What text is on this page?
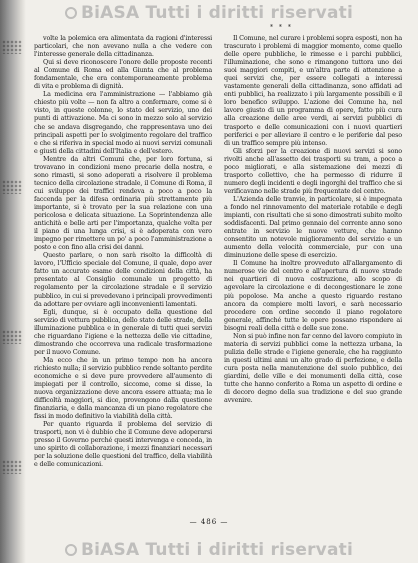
BiASA Tutti i diritti riservati
* * *

volte la polemica era alimentata da ragioni d'interessi particolari, che non avevano nulla a che vedere con l'interesse generale della cittadinanza.

Qui si deve riconoscere l'onore delle proposte recenti al Comune di Roma ed alla Giunta che al problema fondamentale, che era contemporaneamente problema di vita e problema di dignità.

La medicina era l'amministrazione — l'abbiamo già chiesto più volte — non fa altro a confermare, come si è visto, in queste colonne, lo stato del servizio, uno dei punti di attivazione. Ma ci sono in mezzo solo al servizio che se andava disgregando, che rappresentava uno dei principali aspetti per lo svolgimento regolare del traffico e che si riferiva in special modo ai nuovi servizi comunali e giusti della cittadini dell'Italia e dell'estero.

Mentre da altri Comuni che, per loro fortuna, si trovavano in condizioni meno precarie della nostra, e sono rimasti, si sono adoperati a risolvere il problema tecnico della circolazione stradale, il Comune di Roma, il cui sviluppo dei traffici rendeva a poco a poco la faccenda per la difesa ordinaria più strettamente più importante, si è trovato per la sua relazione con una pericolosa e delicata situazione. La Soprintendenza alle antichità e belle arti per l'importanza, qualche volta per il piano di una lunga crisi, si è adoperata con vero impegno per rimettere un po' a poco l'amministrazione a posto e con fino alla crisi dei danni.

Questo parlare, o non sarà risolto la difficoltà di lavoro, l'Ufficio speciale del Comune, il quale, dopo aver fatto un accurato esame delle condizioni della città, ha presentato al Consiglio comunale un progetto di regolamento per la circolazione stradale e il servizio pubblico, in cui si prevedevano i principali provvedimenti da adottare per ovviare agli inconvenienti lamentati.

Egli, dunque, si è occupato della questione del servizio di vettura pubblica, dello stato delle strade, della illuminazione pubblica e in generale di tutti quei servizi che riguardano l'igiene e la nettezza delle vie cittadine, dimostrando che occorreva una radicale trasformazione per il nuovo Comune.

Ma ecco che in un primo tempo non ha ancora richiesto nulla; il servizio pubblico rende soltanto perdite economiche e si deve pure provvedere all'aumento di impiegati per il controllo, siccome, come si disse, la nuova organizzazione deve ancora essere attuata; ma le difficoltà maggiori, si dice, provengono dalla questione finanziaria, e dalla mancanza di un piano regolatore che fissi in modo definitivo la viabilità della città.

Per quanto riguarda il problema del servizio di trasporti, non vi è dubbio che il Comune deve adoperarsi presso il Governo perché questi intervenga e conceda, in uno spirito di collaborazione, i mezzi finanziari necessari per la soluzione delle questioni del traffico, della viabilità e delle comunicazioni.

Il Comune, nel curare i problemi sopra esposti, non ha trascurato i problemi di maggior momento, come quello delle opere pubbliche, le rimesse e i parchi pubblici, l'illuminazione, che sono e rimangono tuttora uno dei suoi maggiori compiti, e un'altra parte di attenzione a quei servizi che, per essere collegati a interessi vastamente generali della cittadinanza, sono affidati ad enti pubblici, ha realizzato i più largamente possibili e il loro benefico sviluppo. L'azione dei Comune ha, nel lavoro giusto di un programma di opere, fatto più cura alla creazione delle aree verdi, ai servizi pubblici di trasporto e delle comunicazioni con i nuovi quartieri periferici e per alleviare il centro e le periferie dal peso di un traffico sempre più intenso.

Gli sforzi per la creazione di nuovi servizi si sono rivolti anche all'assetto dei trasporti su tram, a poco a poco migliorati, e alla sistemazione dei mezzi di trasporto collettivo, che ha permesso di ridurre il numero degli incidenti e degli ingorghi del traffico che si verificavano nelle strade più frequentate del centro.

L'Azienda delle tranvie, in particolare, si è impegnata a fondo nel rinnovamento del materiale rotabile e degli impianti, con risultati che si sono dimostrati subito molto soddisfacenti. Dal primo gennaio del corrente anno sono entrate in servizio le nuove vetture, che hanno consentito un notevole miglioramento del servizio e un aumento della velocità commerciale, pur con una diminuzione delle spese di esercizio.

Il Comune ha inoltre provveduto all'allargamento di numerose vie del centro e all'apertura di nuove strade nei quartieri di nuova costruzione, allo scopo di agevolare la circolazione e di decongestionare le zone più popolose. Ma anche a questo riguardo restano ancora da compiere molti lavori, e sarà necessario procedere con ordine secondo il piano regolatore generale, affinché tutte le opere possano rispondere ai bisogni reali della città e delle sue zone.

Non si può infine non far cenno del lavoro compiuto in materia di servizi pubblici come la nettezza urbana, la pulizia delle strade e l'igiene generale, che ha raggiunto in questi ultimi anni un alto grado di perfezione, e della cura posta nella manutenzione del suolo pubblico, dei giardini, delle ville e dei monumenti della città, cose tutte che hanno conferito a Roma un aspetto di ordine e di decoro degno della sua tradizione e del suo grande avvenire.

— 486 —
BiASA Tutti i diritti riservati
